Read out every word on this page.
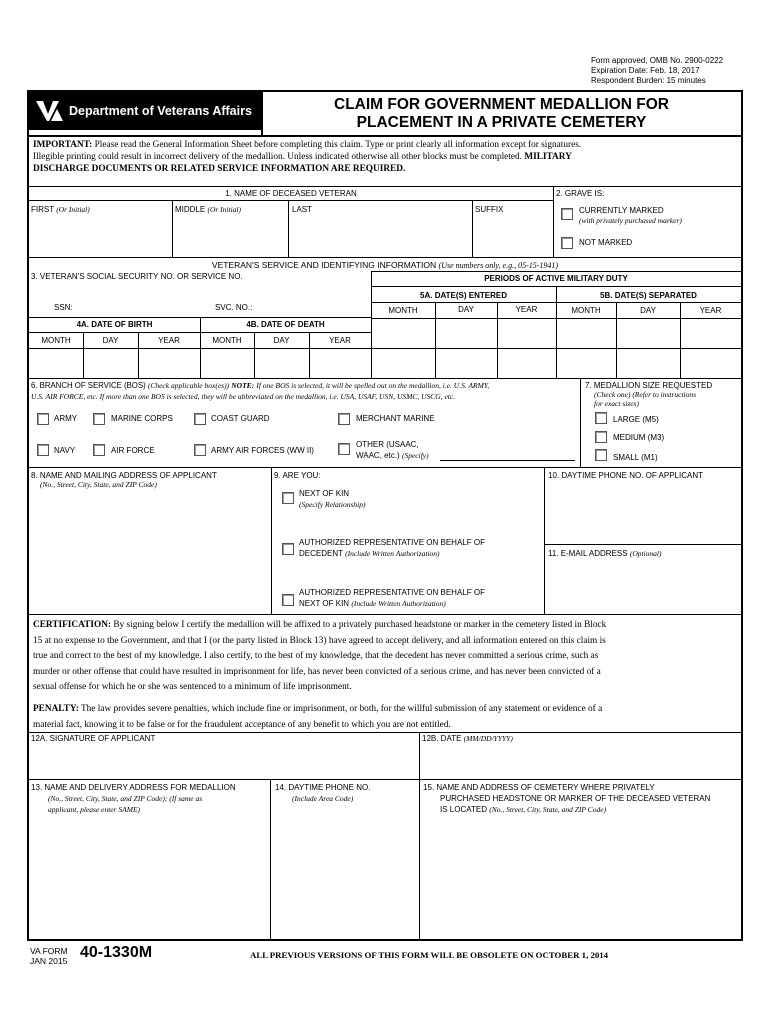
Form approved, OMB No. 2900-0222
Expiration Date: Feb. 18, 2017
Respondent Burden: 15 minutes
Department of Veterans Affairs	CLAIM FOR GOVERNMENT MEDALLION FOR
PLACEMENT IN A PRIVATE CEMETERY
IMPORTANT: Please read the General Information Sheet before completing this claim. Type or print clearly all information except for signatures.
Illegible printing could result in incorrect delivery of the medallion. Unless indicated otherwise all other blocks must be completed. MILITARY
DISCHARGE DOCUMENTS OR RELATED SERVICE INFORMATION ARE REQUIRED.
1. NAME OF DECEASED VETERAN
FIRST (Or Initial)	MIDDLE (Or Initial)	LAST	SUFFIX
2. GRAVE IS:
CURRENTLY MARKED
(with privately purchased marker)
NOT MARKED
VETERAN'S SERVICE AND IDENTIFYING INFORMATION (Use numbers only, e.g., 05-15-1941)
3. VETERAN'S SOCIAL SECURITY NO. OR SERVICE NO.	PERIODS OF ACTIVE MILITARY DUTY
5A. DATE(S) ENTERED	5B. DATE(S) SEPARATED
SSN:	SVC. NO.:	MONTH	DAY	YEAR	MONTH	DAY	YEAR
4A. DATE OF BIRTH	4B. DATE OF DEATH
MONTH	DAY	YEAR	MONTH	DAY	YEAR
6. BRANCH OF SERVICE (BOS) (Check applicable box(es)) NOTE: If one BOS is selected, it will be spelled out on the medallion, i.e. U.S. ARMY,
U.S. AIR FORCE, etc. If more than one BOS is selected, they will be abbreviated on the medallion, i.e. USA, USAF, USN, USMC, USCG, etc.
ARMY	MARINE CORPS	COAST GUARD	MERCHANT MARINE
NAVY	AIR FORCE	ARMY AIR FORCES (WW II)
OTHER (USAAC,
WAAC, etc.) (Specify)
7. MEDALLION SIZE REQUESTED
(Check one) (Refer to instructions
for exact sizes)
LARGE (M5)
MEDIUM (M3)
SMALL (M1)
8. NAME AND MAILING ADDRESS OF APPLICANT
(No., Street, City, State, and ZIP Code)
9. ARE YOU:
NEXT OF KIN
(Specify Relationship)
AUTHORIZED REPRESENTATIVE ON BEHALF OF
DECEDENT (Include Written Authorization)
AUTHORIZED REPRESENTATIVE ON BEHALF OF
NEXT OF KIN (Include Written Authorization)
10. DAYTIME PHONE NO. OF APPLICANT
11. E-MAIL ADDRESS (Optional)
CERTIFICATION: By signing below I certify the medallion will be affixed to a privately purchased headstone or marker in the cemetery listed in Block
15 at no expense to the Government, and that I (or the party listed in Block 13) have agreed to accept delivery, and all information entered on this claim is
true and correct to the best of my knowledge. I also certify, to the best of my knowledge, that the decedent has never committed a serious crime, such as
murder or other offense that could have resulted in imprisonment for life, has never been convicted of a serious crime, and has never been convicted of a
sexual offense for which he or she was sentenced to a minimum of life imprisonment.
PENALTY: The law provides severe penalties, which include fine or imprisonment, or both, for the willful submission of any statement or evidence of a
material fact, knowing it to be false or for the fraudulent acceptance of any benefit to which you are not entitled.
12A. SIGNATURE OF APPLICANT	12B. DATE (MM/DD/YYYY)
13. NAME AND DELIVERY ADDRESS FOR MEDALLION
(No., Street, City, State, and ZIP Code); (If same as
applicant, please enter SAME)
14. DAYTIME PHONE NO.
(Include Area Code)
15. NAME AND ADDRESS OF CEMETERY WHERE PRIVATELY
PURCHASED HEADSTONE OR MARKER OF THE DECEASED VETERAN
IS LOCATED (No., Street, City, State, and ZIP Code)
VA FORM
JAN 2015 40-1330M	ALL PREVIOUS VERSIONS OF THIS FORM WILL BE OBSOLETE ON OCTOBER 1, 2014
